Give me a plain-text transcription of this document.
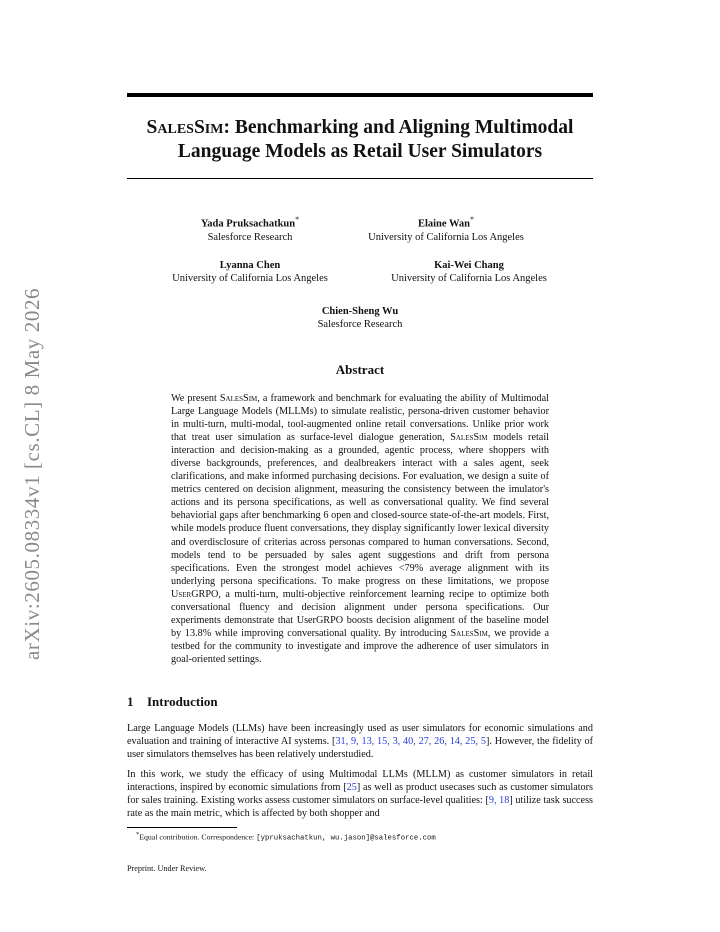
arXiv:2605.08334v1 [cs.CL] 8 May 2026
SalesSim: Benchmarking and Aligning Multimodal
Language Models as Retail User Simulators
Yada Pruksachatkun*
Salesforce Research
Elaine Wan*
University of California Los Angeles
Lyanna Chen
University of California Los Angeles
Kai-Wei Chang
University of California Los Angeles
Chien-Sheng Wu
Salesforce Research
Abstract

We present SalesSim, a framework and benchmark for evaluating the ability of Multimodal Large Language Models (MLLMs) to simulate realistic, persona-driven customer behavior in multi-turn, multi-modal, tool-augmented online retail conversations. Unlike prior work that treat user simulation as surface-level dialogue generation, SalesSim models retail interaction and decision-making as a grounded, agentic process, where shoppers with diverse backgrounds, preferences, and dealbreakers interact with a sales agent, seek clarifications, and make informed purchasing decisions. For evaluation, we design a suite of metrics centered on decision alignment, measuring the consistency between the imulator's actions and its persona specifications, as well as conversational quality. We find several behaviorial gaps after benchmarking 6 open and closed-source state-of-the-art models. First, while models produce fluent conversations, they display significantly lower lexical diversity and overdisclosure of criterias across personas compared to human conversations. Second, models tend to be persuaded by sales agent suggestions and drift from persona specifications. Even the strongest model achieves <79% average alignment with its underlying persona specifications. To make progress on these limitations, we propose UserGRPO, a multi-turn, multi-objective reinforcement learning recipe to optimize both conversational fluency and decision alignment under persona specifications. Our experiments demonstrate that UserGRPO boosts decision alignment of the baseline model by 13.8% while improving conversational quality. By introducing SalesSim, we provide a testbed for the community to investigate and improve the adherence of user simulators in goal-oriented settings.

1 Introduction

Large Language Models (LLMs) have been increasingly used as user simulators for economic simulations and evaluation and training of interactive AI systems. [31, 9, 13, 15, 3, 40, 27, 26, 14, 25, 5]. However, the fidelity of user simulators themselves has been relatively understudied.

In this work, we study the efficacy of using Multimodal LLMs (MLLM) as customer simulators in retail interactions, inspired by economic simulations from [25] as well as product usecases such as customer simulators for sales training. Existing works assess customer simulators on surface-level qualities: [9, 18] utilize task success rate as the main metric, which is affected by both shopper and

*Equal contribution. Correspondence: [ypruksachatkun, wu.jason]@salesforce.com

Preprint. Under Review.
